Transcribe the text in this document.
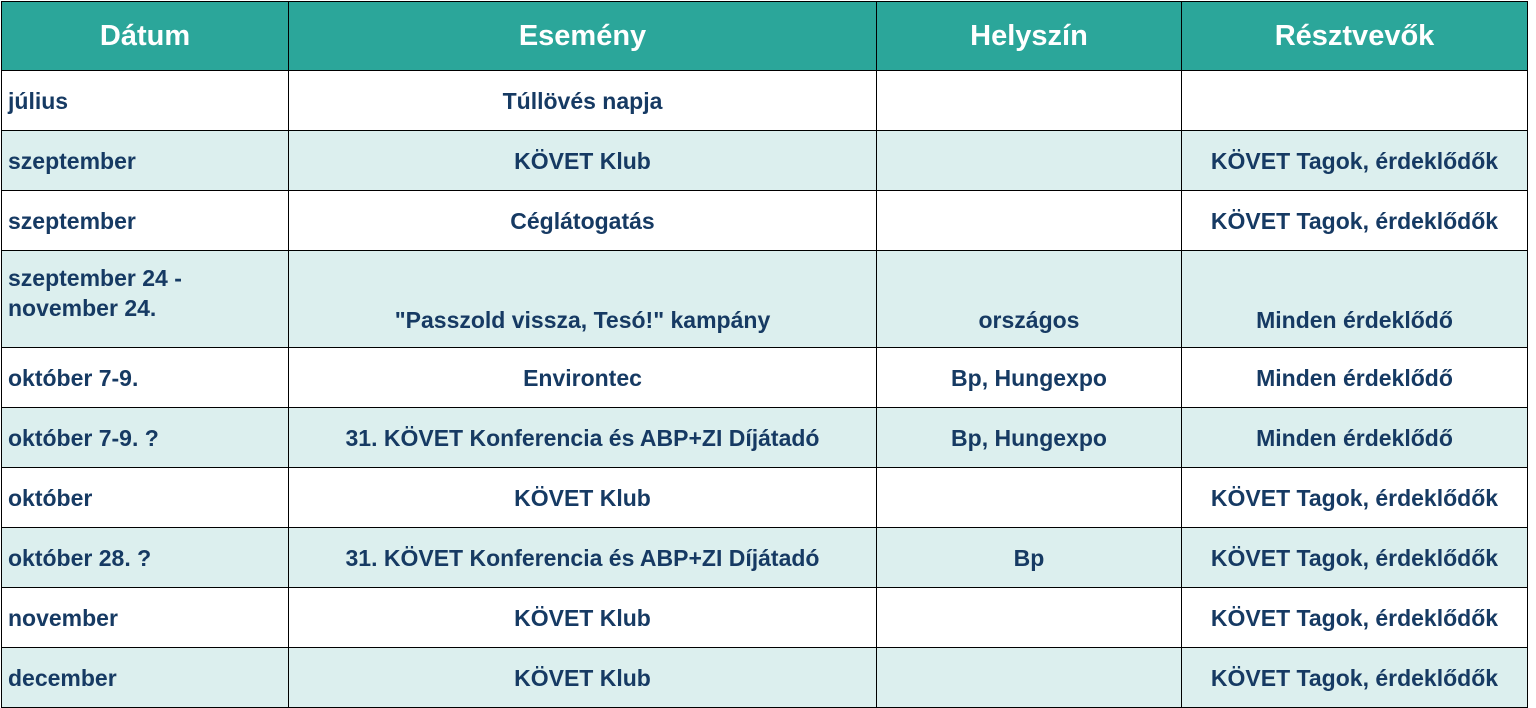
Dátum	Esemény	Helyszín	Résztvevők
július	Túllövés napja		
szeptember	KÖVET Klub		KÖVET Tagok, érdeklődők
szeptember	Céglátogatás		KÖVET Tagok, érdeklődők
szeptember 24 -
november 24.	"Passzold vissza, Tesó!" kampány	országos	Minden érdeklődő
október 7-9.	Environtec	Bp, Hungexpo	Minden érdeklődő
október 7-9. ?	31. KÖVET Konferencia és ABP+ZI Díjátadó	Bp, Hungexpo	Minden érdeklődő
október	KÖVET Klub		KÖVET Tagok, érdeklődők
október 28. ?	31. KÖVET Konferencia és ABP+ZI Díjátadó	Bp	KÖVET Tagok, érdeklődők
november	KÖVET Klub		KÖVET Tagok, érdeklődők
december	KÖVET Klub		KÖVET Tagok, érdeklődők
